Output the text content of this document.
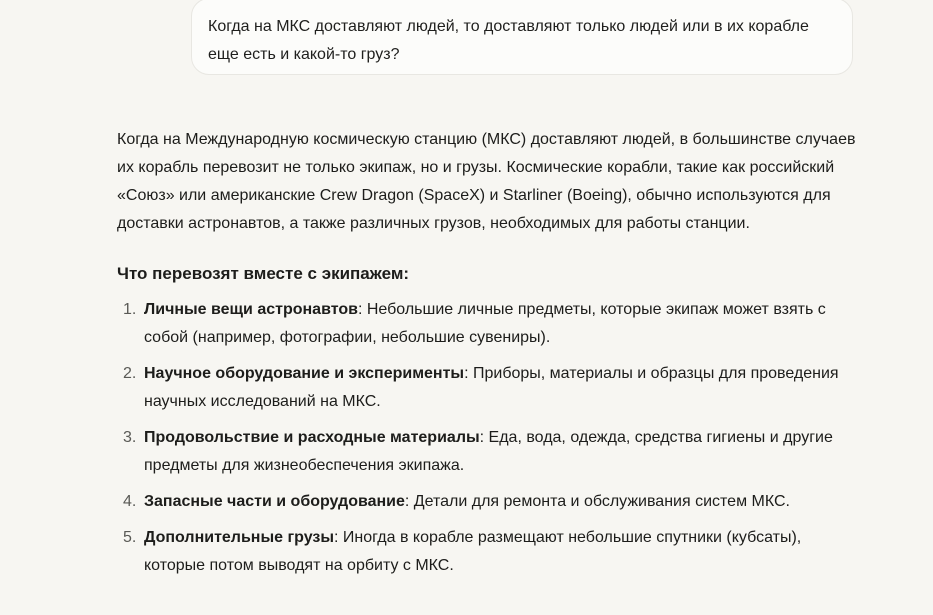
Когда на МКС доставляют людей, то доставляют только людей или в их корабле еще есть и какой-то груз?

Когда на Международную космическую станцию (МКС) доставляют людей, в большинстве случаев их корабль перевозит не только экипаж, но и грузы. Космические корабли, такие как российский «Союз» или американские Crew Dragon (SpaceX) и Starliner (Boeing), обычно используются для доставки астронавтов, а также различных грузов, необходимых для работы станции.

Что перевозят вместе с экипажем:
1. Личные вещи астронавтов: Небольшие личные предметы, которые экипаж может взять с собой (например, фотографии, небольшие сувениры).
2. Научное оборудование и эксперименты: Приборы, материалы и образцы для проведения научных исследований на МКС.
3. Продовольствие и расходные материалы: Еда, вода, одежда, средства гигиены и другие предметы для жизнеобеспечения экипажа.
4. Запасные части и оборудование: Детали для ремонта и обслуживания систем МКС.
5. Дополнительные грузы: Иногда в корабле размещают небольшие спутники (кубсаты), которые потом выводят на орбиту с МКС.
